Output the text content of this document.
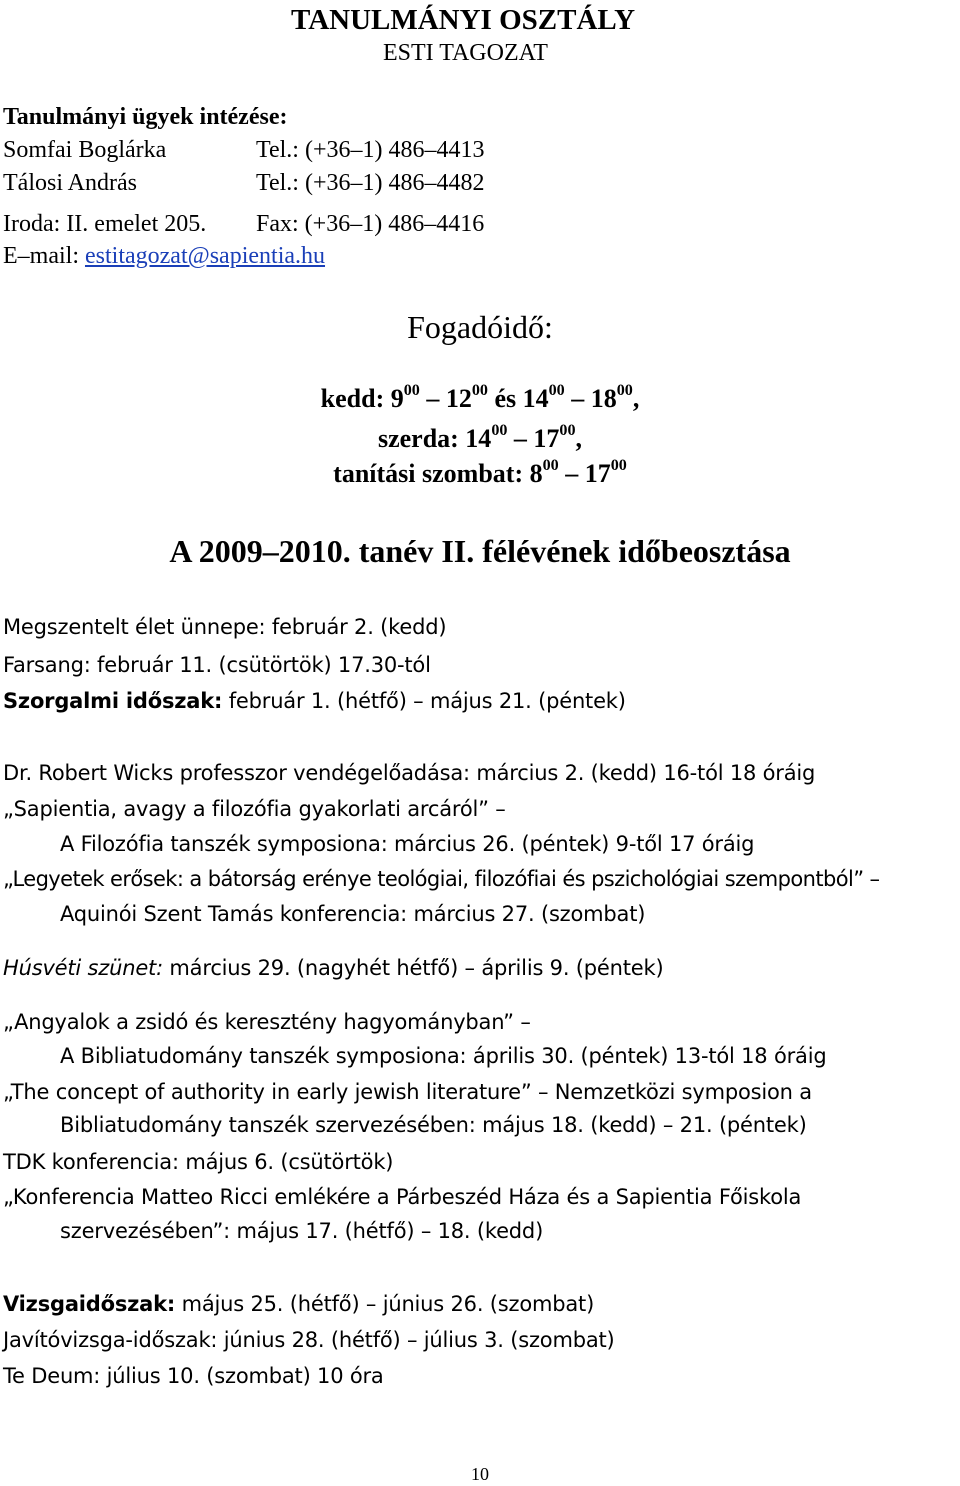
TANULMÁNYI OSZTÁLY
ESTI TAGOZAT
Tanulmányi ügyek intézése:
Somfai Boglárka	Tel.: (+36–1) 486–4413
Tálosi András	Tel.: (+36–1) 486–4482
Iroda: II. emelet 205. Fax: (+36–1) 486–4416
E–mail: estitagozat@sapientia.hu
Fogadóidő:
kedd: $9^{00} - 12^{00}$ és $14^{00} - 18^{00}$,
szerda: $14^{00} - 17^{00}$,
tanítási szombat: $8^{00} - 17^{00}$
A 2009–2010. tanév II. félévének időbeosztása
Megszentelt élet ünnepe: február 2. (kedd)
Farsang: február 11. (csütörtök) 17.30-tól
Szorgalmi időszak: február 1. (hétfő) – május 21. (péntek)
Dr. Robert Wicks professzor vendégelőadása: március 2. (kedd) 16-tól 18 óráig
„Sapientia, avagy a filozófia gyakorlati arcáról” –
A Filozófia tanszék symposiona: március 26. (péntek) 9-től 17 óráig
„Legyetek erősek: a bátorság erénye teológiai, filozófiai és pszichológiai szempontból” –
Aquinói Szent Tamás konferencia: március 27. (szombat)
Húsvéti szünet: március 29. (nagyhét hétfő) – április 9. (péntek)
„Angyalok a zsidó és keresztény hagyományban” –
A Bibliatudomány tanszék symposiona: április 30. (péntek) 13-tól 18 óráig
„The concept of authority in early jewish literature” – Nemzetközi symposion a
Bibliatudomány tanszék szervezésében: május 18. (kedd) – 21. (péntek)
TDK konferencia: május 6. (csütörtök)
„Konferencia Matteo Ricci emlékére a Párbeszéd Háza és a Sapientia Főiskola
szervezésében”: május 17. (hétfő) – 18. (kedd)
Vizsgaidőszak: május 25. (hétfő) – június 26. (szombat)
Javítóvizsga-időszak: június 28. (hétfő) – július 3. (szombat)
Te Deum: július 10. (szombat) 10 óra
10
